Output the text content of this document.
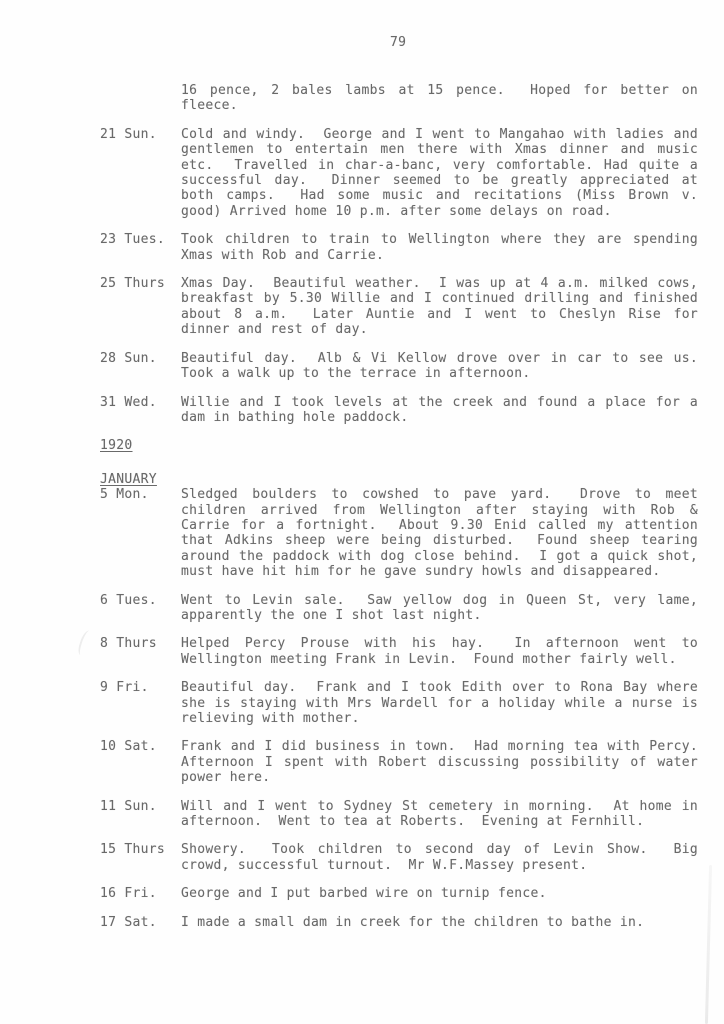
79
16 pence, 2 bales lambs at 15 pence.  Hoped for better on fleece.
21 Sun.	Cold and windy.  George and I went to Mangahao with ladies and gentlemen to entertain men there with Xmas dinner and music etc.  Travelled in char-a-banc, very comfortable. Had quite a successful day.  Dinner seemed to be greatly appreciated at both camps.  Had some music and recitations (Miss Brown v. good) Arrived home 10 p.m. after some delays on road.
23 Tues.	Took children to train to Wellington where they are spending Xmas with Rob and Carrie.
25 Thurs	Xmas Day.  Beautiful weather.  I was up at 4 a.m. milked cows, breakfast by 5.30 Willie and I continued drilling and finished about 8 a.m.  Later Auntie and I went to Cheslyn Rise for dinner and rest of day.
28 Sun.	Beautiful day.  Alb & Vi Kellow drove over in car to see us.  Took a walk up to the terrace in afternoon.
31 Wed.	Willie and I took levels at the creek and found a place for a dam in bathing hole paddock.
1920
JANUARY
5 Mon.	Sledged boulders to cowshed to pave yard.  Drove to meet children arrived from Wellington after staying with Rob & Carrie for a fortnight.  About 9.30 Enid called my attention that Adkins sheep were being disturbed.  Found sheep tearing around the paddock with dog close behind.  I got a quick shot, must have hit him for he gave sundry howls and disappeared.
6 Tues.	Went to Levin sale.  Saw yellow dog in Queen St, very lame, apparently the one I shot last night.
8 Thurs	Helped Percy Prouse with his hay.  In afternoon went to Wellington meeting Frank in Levin.  Found mother fairly well.
9 Fri.	Beautiful day.  Frank and I took Edith over to Rona Bay where she is staying with Mrs Wardell for a holiday while a nurse is relieving with mother.
10 Sat.	Frank and I did business in town.  Had morning tea with Percy.  Afternoon I spent with Robert discussing possibility of water power here.
11 Sun.	Will and I went to Sydney St cemetery in morning.  At home in afternoon.  Went to tea at Roberts.  Evening at Fernhill.
15 Thurs	Showery.  Took children to second day of Levin Show.  Big crowd, successful turnout.  Mr W.F.Massey present.
16 Fri.	George and I put barbed wire on turnip fence.
17 Sat.	I made a small dam in creek for the children to bathe in.
